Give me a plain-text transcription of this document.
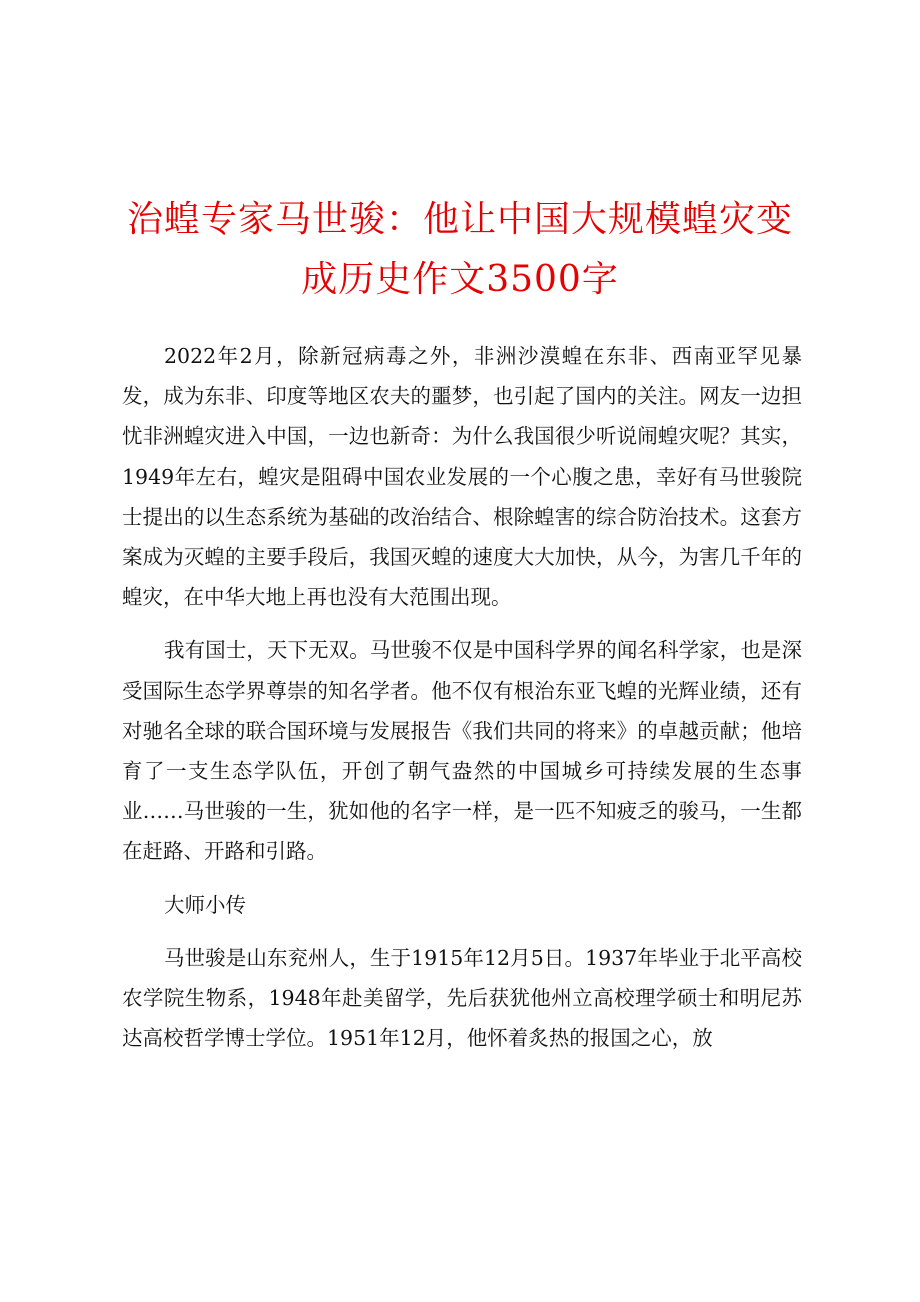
治蝗专家马世骏：他让中国大规模蝗灾变成历史作文3500字

2022年2月，除新冠病毒之外，非洲沙漠蝗在东非、西南亚罕见暴发，成为东非、印度等地区农夫的噩梦，也引起了国内的关注。网友一边担忧非洲蝗灾进入中国，一边也新奇：为什么我国很少听说闹蝗灾呢？其实，1949年左右，蝗灾是阻碍中国农业发展的一个心腹之患，幸好有马世骏院士提出的以生态系统为基础的改治结合、根除蝗害的综合防治技术。这套方案成为灭蝗的主要手段后，我国灭蝗的速度大大加快，从今，为害几千年的蝗灾，在中华大地上再也没有大范围出现。

我有国士，天下无双。马世骏不仅是中国科学界的闻名科学家，也是深受国际生态学界尊崇的知名学者。他不仅有根治东亚飞蝗的光辉业绩，还有对驰名全球的联合国环境与发展报告《我们共同的将来》的卓越贡献；他培育了一支生态学队伍，开创了朝气盎然的中国城乡可持续发展的生态事业……马世骏的一生，犹如他的名字一样，是一匹不知疲乏的骏马，一生都在赶路、开路和引路。

大师小传

马世骏是山东兖州人，生于1915年12月5日。1937年毕业于北平高校农学院生物系，1948年赴美留学，先后获犹他州立高校理学硕士和明尼苏达高校哲学博士学位。1951年12月，他怀着炙热的报国之心，放
